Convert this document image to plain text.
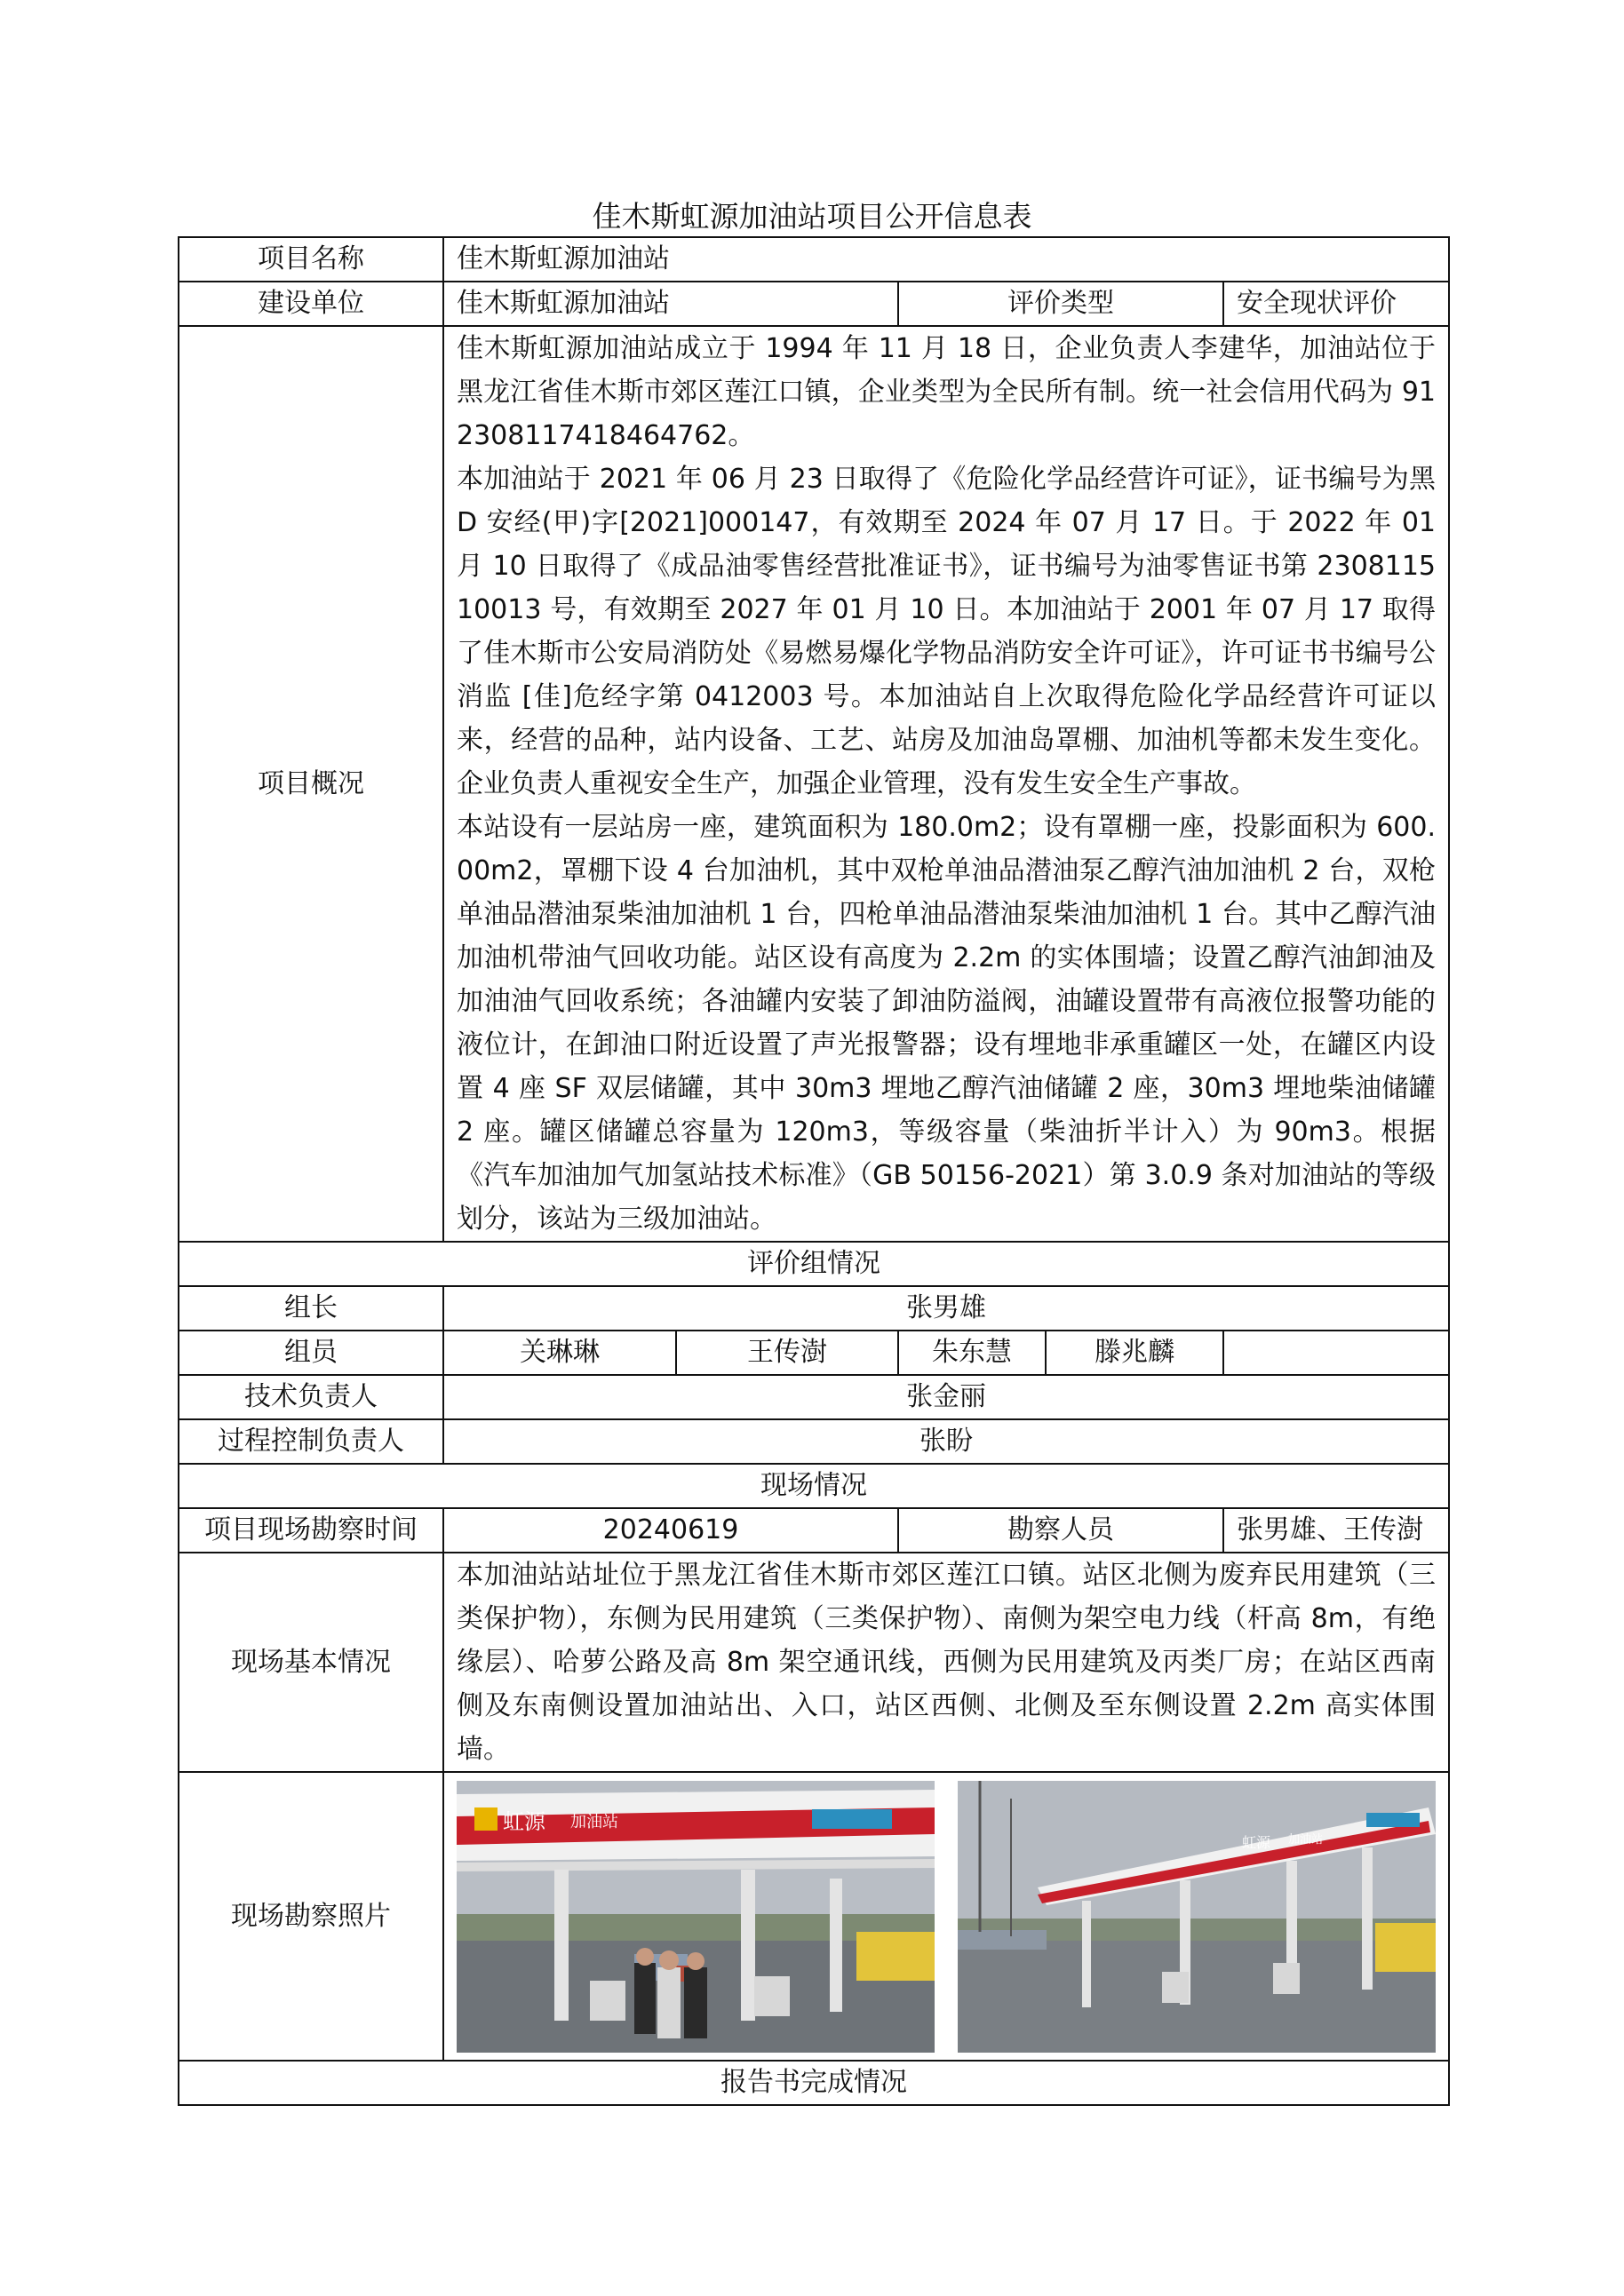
佳木斯虹源加油站项目公开信息表
项目名称	佳木斯虹源加油站				
建设单位	佳木斯虹源加油站		评价类型		安全现状评价
项目概况	佳木斯虹源加油站成立于 1994 年 11 月 18 日，企业负责人李建华，加油站位于黑龙江省佳木斯市郊区莲江口镇，企业类型为全民所有制。统一社会信用代码为 912308117418464762。

本加油站于 2021 年 06 月 23 日取得了《危险化学品经营许可证》，证书编号为黑 D 安经(甲)字[2021]000147，有效期至 2024 年 07 月 17 日。于 2022 年 01 月 10 日取得了《成品油零售经营批准证书》，证书编号为油零售证书第 230811510013 号，有效期至 2027 年 01 月 10 日。本加油站于 2001 年 07 月 17 取得了佳木斯市公安局消防处《易燃易爆化学物品消防安全许可证》，许可证书书编号公消监 [佳]危经字第 0412003 号。本加油站自上次取得危险化学品经营许可证以来，经营的品种，站内设备、工艺、站房及加油岛罩棚、加油机等都未发生变化。企业负责人重视安全生产，加强企业管理，没有发生安全生产事故。

本站设有一层站房一座，建筑面积为 180.0m2；设有罩棚一座，投影面积为 600.00m2，罩棚下设 4 台加油机，其中双枪单油品潜油泵乙醇汽油加油机 2 台，双枪单油品潜油泵柴油加油机 1 台，四枪单油品潜油泵柴油加油机 1 台。其中乙醇汽油加油机带油气回收功能。站区设有高度为 2.2m 的实体围墙；设置乙醇汽油卸油及加油油气回收系统；各油罐内安装了卸油防溢阀，油罐设置带有高液位报警功能的液位计，在卸油口附近设置了声光报警器；设有埋地非承重罐区一处，在罐区内设置 4 座 SF 双层储罐，其中 30m3 埋地乙醇汽油储罐 2 座，30m3 埋地柴油储罐 2 座。罐区储罐总容量为 120m3，等级容量（柴油折半计入）为 90m3。根据《汽车加油加气加氢站技术标准》（GB 50156-2021）第 3.0.9 条对加油站的等级划分，该站为三级加油站。				

评价组情况					
组长	张男雄				
组员	关琳琳	王传澍	朱东慧	滕兆麟	
技术负责人	张金丽				
过程控制负责人	张盼				
现场情况					
项目现场勘察时间	20240619		勘察人员		张男雄、王传澍
现场基本情况	本加油站站址位于黑龙江省佳木斯市郊区莲江口镇。站区北侧为废弃民用建筑（三类保护物），东侧为民用建筑（三类保护物）、南侧为架空电力线（杆高 8m，有绝缘层）、哈萝公路及高 8m 架空通讯线，西侧为民用建筑及丙类厂房；在站区西南侧及东南侧设置加油站出、入口，站区西侧、北侧及至东侧设置 2.2m 高实体围墙。				

现场勘察照片	虹源 加油站
虹源 加油站				

报告书完成情况					
